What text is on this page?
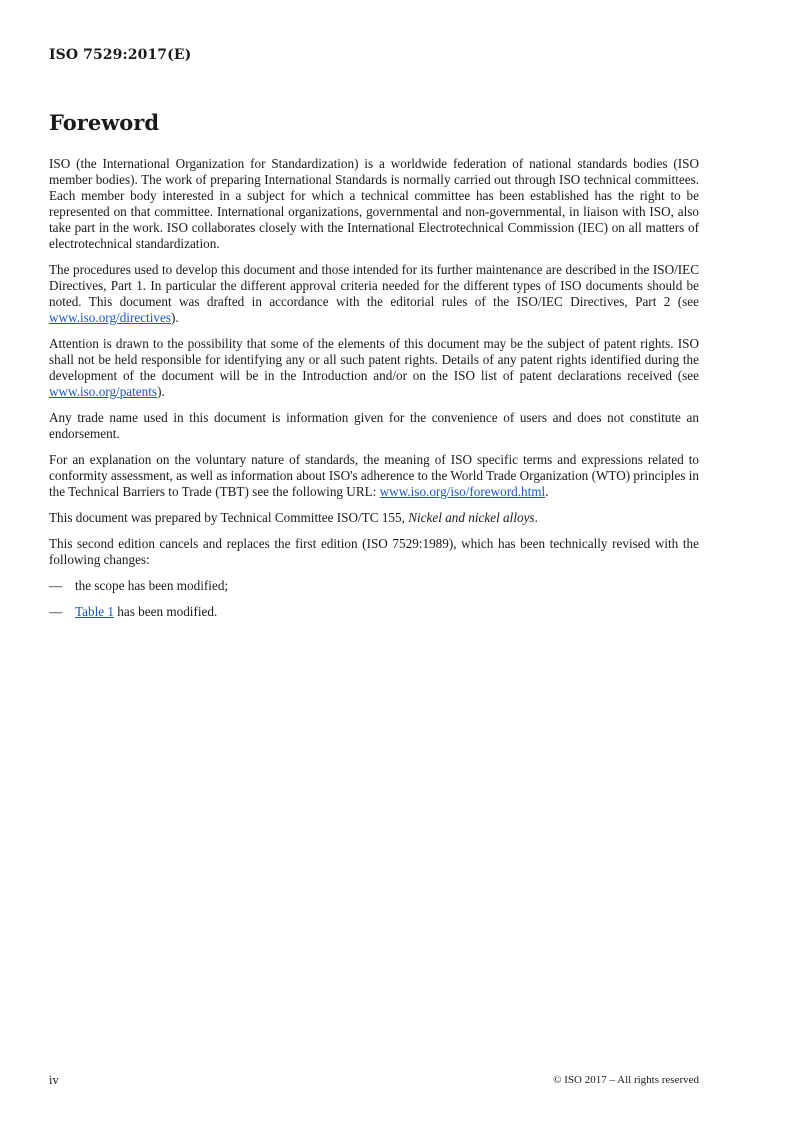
ISO 7529:2017(E)
Foreword

ISO (the International Organization for Standardization) is a worldwide federation of national standards bodies (ISO member bodies). The work of preparing International Standards is normally carried out through ISO technical committees. Each member body interested in a subject for which a technical committee has been established has the right to be represented on that committee. International organizations, governmental and non-governmental, in liaison with ISO, also take part in the work. ISO collaborates closely with the International Electrotechnical Commission (IEC) on all matters of electrotechnical standardization.

The procedures used to develop this document and those intended for its further maintenance are described in the ISO/IEC Directives, Part 1. In particular the different approval criteria needed for the different types of ISO documents should be noted. This document was drafted in accordance with the editorial rules of the ISO/IEC Directives, Part 2 (see www.iso.org/directives).

Attention is drawn to the possibility that some of the elements of this document may be the subject of patent rights. ISO shall not be held responsible for identifying any or all such patent rights. Details of any patent rights identified during the development of the document will be in the Introduction and/or on the ISO list of patent declarations received (see www.iso.org/patents).

Any trade name used in this document is information given for the convenience of users and does not constitute an endorsement.

For an explanation on the voluntary nature of standards, the meaning of ISO specific terms and expressions related to conformity assessment, as well as information about ISO's adherence to the World Trade Organization (WTO) principles in the Technical Barriers to Trade (TBT) see the following URL: www.iso.org/iso/foreword.html.

This document was prepared by Technical Committee ISO/TC 155, Nickel and nickel alloys.

This second edition cancels and replaces the first edition (ISO 7529:1989), which has been technically revised with the following changes:

— the scope has been modified;
— Table 1 has been modified.
iv	© ISO 2017 – All rights reserved
